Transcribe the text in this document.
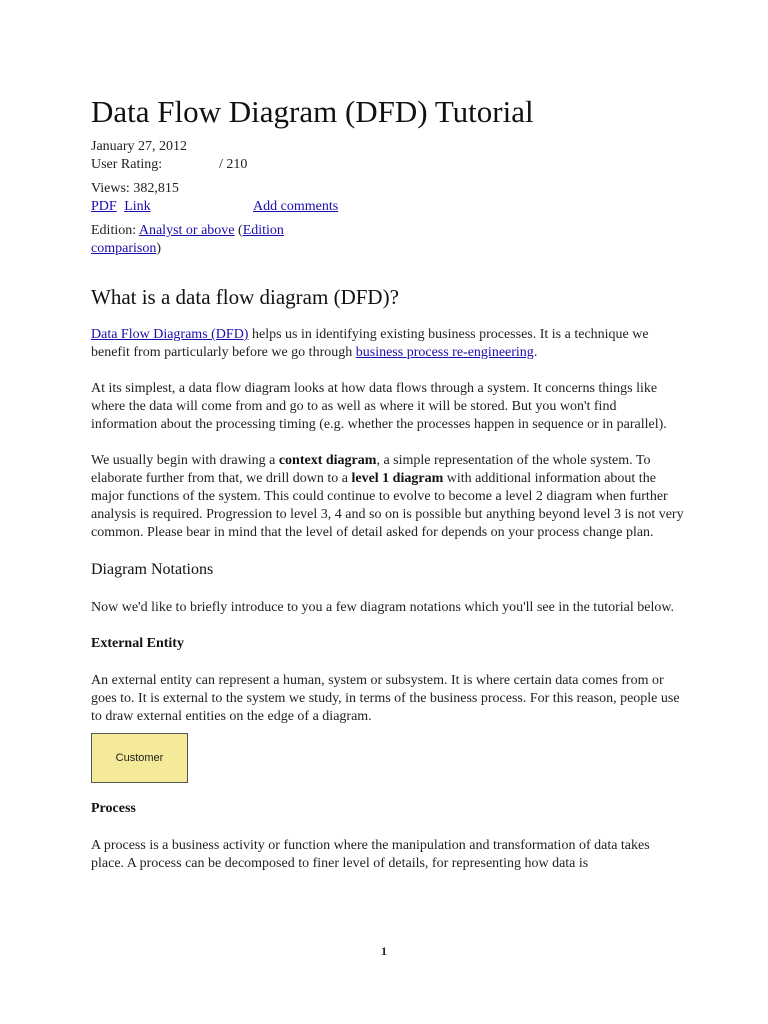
Data Flow Diagram (DFD) Tutorial
January 27, 2012
User Rating:	/ 210
Views: 382,815
PDF Link	Add comments
Edition: Analyst or above (Edition comparison)
What is a data flow diagram (DFD)?

Data Flow Diagrams (DFD) helps us in identifying existing business processes. It is a technique we benefit from particularly before we go through business process re-engineering.

At its simplest, a data flow diagram looks at how data flows through a system. It concerns things like where the data will come from and go to as well as where it will be stored. But you won't find information about the processing timing (e.g. whether the processes happen in sequence or in parallel).

We usually begin with drawing a context diagram, a simple representation of the whole system. To elaborate further from that, we drill down to a level 1 diagram with additional information about the major functions of the system. This could continue to evolve to become a level 2 diagram when further analysis is required. Progression to level 3, 4 and so on is possible but anything beyond level 3 is not very common. Please bear in mind that the level of detail asked for depends on your process change plan.

Diagram Notations

Now we'd like to briefly introduce to you a few diagram notations which you'll see in the tutorial below.

External Entity

An external entity can represent a human, system or subsystem. It is where certain data comes from or goes to. It is external to the system we study, in terms of the business process. For this reason, people use to draw external entities on the edge of a diagram.

Customer
Process

A process is a business activity or function where the manipulation and transformation of data takes place. A process can be decomposed to finer level of details, for representing how data is

1
